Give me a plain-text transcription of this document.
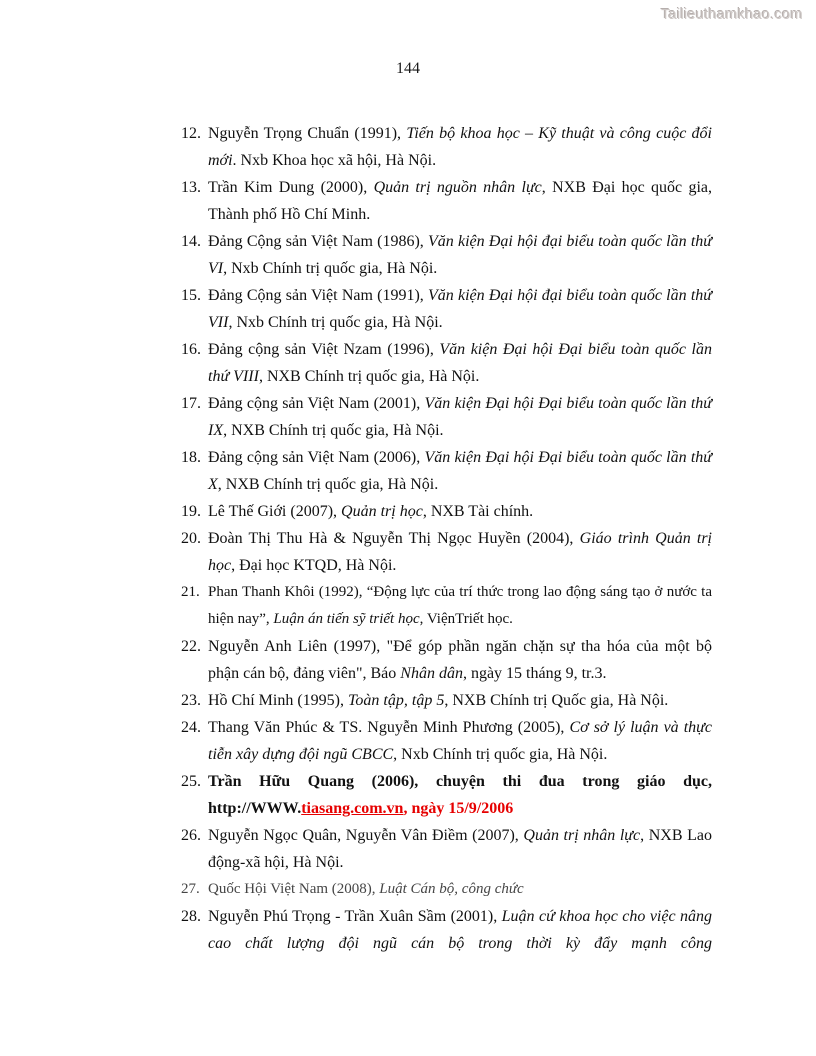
Tailieuthamkhao.com
144
12. Nguyễn Trọng Chuẩn (1991), Tiến bộ khoa học – Kỹ thuật và công cuộc đổi mới. Nxb Khoa học xã hội, Hà Nội.
13. Trần Kim Dung (2000), Quản trị nguồn nhân lực, NXB Đại học quốc gia, Thành phố Hồ Chí Minh.
14. Đảng Cộng sản Việt Nam (1986), Văn kiện Đại hội đại biểu toàn quốc lần thứ VI, Nxb Chính trị quốc gia, Hà Nội.
15. Đảng Cộng sản Việt Nam (1991), Văn kiện Đại hội đại biểu toàn quốc lần thứ VII, Nxb Chính trị quốc gia, Hà Nội.
16. Đảng cộng sản Việt Nzam (1996), Văn kiện Đại hội Đại biểu toàn quốc lần thứ VIII, NXB Chính trị quốc gia, Hà Nội.
17. Đảng cộng sản Việt Nam (2001), Văn kiện Đại hội Đại biểu toàn quốc lần thứ IX, NXB Chính trị quốc gia, Hà Nội.
18. Đảng cộng sản Việt Nam (2006), Văn kiện Đại hội Đại biểu toàn quốc lần thứ X, NXB Chính trị quốc gia, Hà Nội.
19. Lê Thế Giới (2007), Quản trị học, NXB Tài chính.
20. Đoàn Thị Thu Hà & Nguyễn Thị Ngọc Huyền (2004), Giáo trình Quản trị học, Đại học KTQD, Hà Nội.
21. Phan Thanh Khôi (1992), “Động lực của trí thức trong lao động sáng tạo ở nước ta hiện nay”, Luận án tiến sỹ triết học, ViệnTriết học.
22. Nguyễn Anh Liên (1997), "Để góp phần ngăn chặn sự tha hóa của một bộ phận cán bộ, đảng viên", Báo Nhân dân, ngày 15 tháng 9, tr.3.
23. Hồ Chí Minh (1995), Toàn tập, tập 5, NXB Chính trị Quốc gia, Hà Nội.
24. Thang Văn Phúc & TS. Nguyễn Minh Phương (2005), Cơ sở lý luận và thực tiễn xây dựng đội ngũ CBCC, Nxb Chính trị quốc gia, Hà Nội.
25. Trần Hữu Quang (2006), chuyện thi đua trong giáo dục, http://WWW.tiasang.com.vn, ngày 15/9/2006
26. Nguyễn Ngọc Quân, Nguyễn Vân Điềm (2007), Quản trị nhân lực, NXB Lao động-xã hội, Hà Nội.
27. Quốc Hội Việt Nam (2008), Luật Cán bộ, công chức
28. Nguyễn Phú Trọng - Trần Xuân Sầm (2001), Luận cứ khoa học cho việc nâng cao chất lượng đội ngũ cán bộ trong thời kỳ đẩy mạnh công
